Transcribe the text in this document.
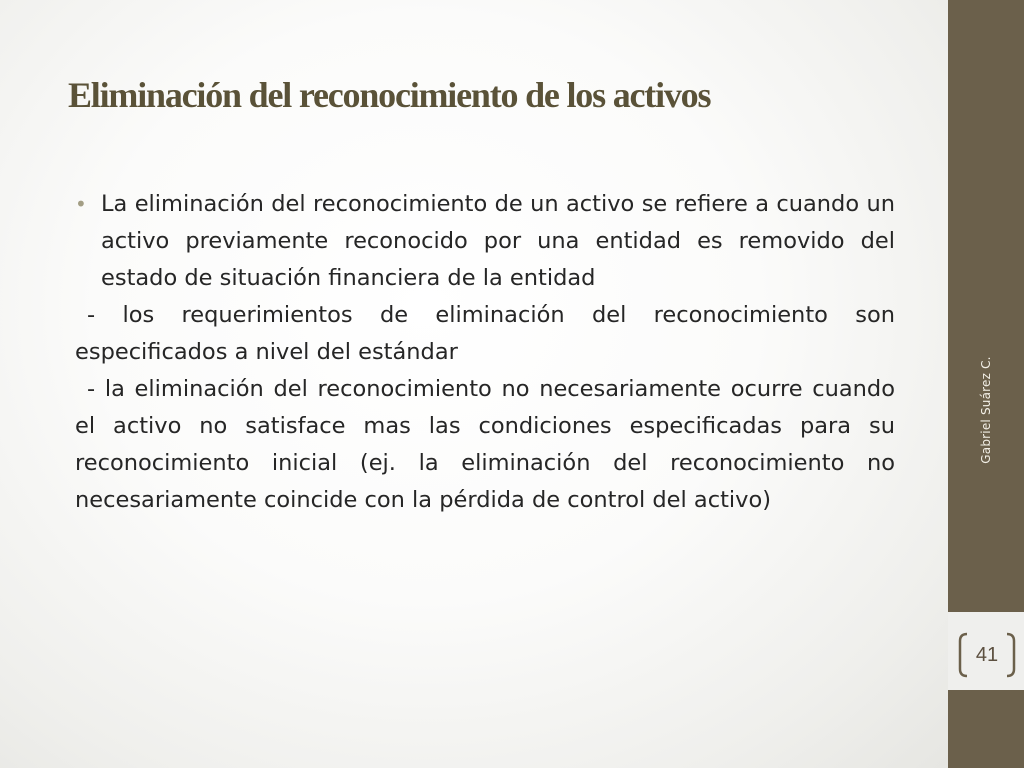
Eliminación del reconocimiento de los activos

• La eliminación del reconocimiento de un activo se refiere a cuando un activo previamente reconocido por una entidad es removido del estado de situación financiera de la entidad

- los requerimientos de eliminación del reconocimiento son especificados a nivel del estándar

- la eliminación del reconocimiento no necesariamente ocurre cuando el activo no satisface mas las condiciones especificadas para su reconocimiento inicial (ej. la eliminación del reconocimiento no necesariamente coincide con la pérdida de control del activo)

Gabriel Suárez C.
41
